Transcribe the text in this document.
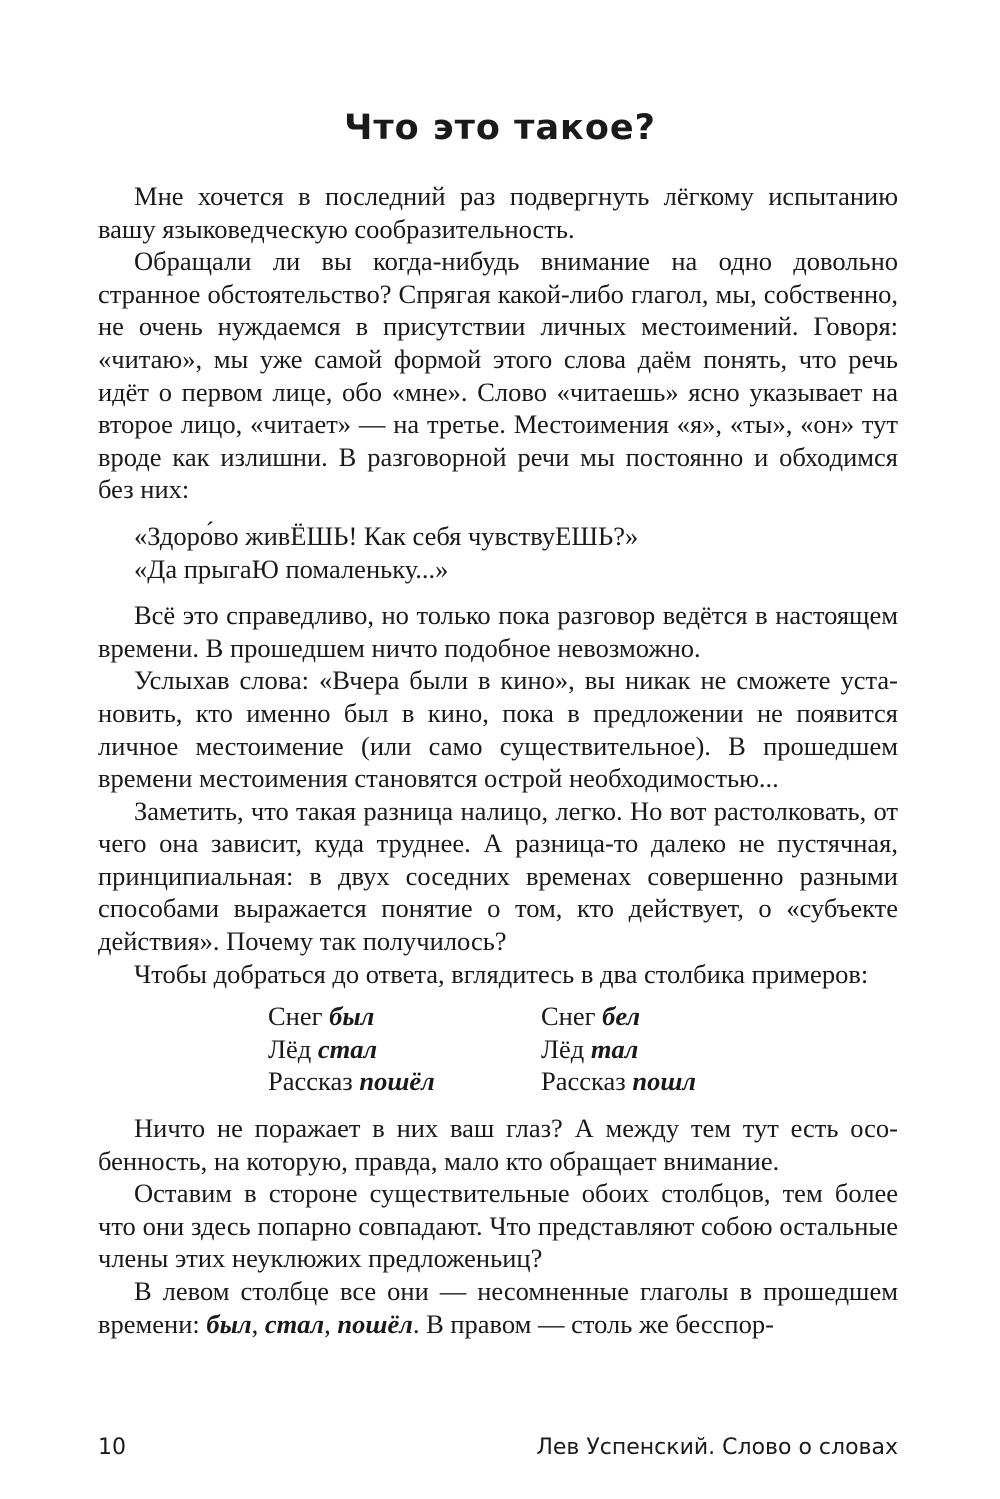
Что это такое?

Мне хочется в последний раз подвергнуть лёгкому испытанию вашу языковедческую сообразительность.

Обращали ли вы когда-нибудь внимание на одно довольно странное обстоятельство? Спрягая какой-либо глагол, мы, собственно, не очень нуждаемся в присутствии личных местоимений. Говоря: «читаю», мы уже самой формой этого слова даём понять, что речь идёт о первом лице, обо «мне». Слово «читаешь» ясно указывает на второе лицо, «читает» — на третье. Местоимения «я», «ты», «он» тут вроде как излишни. В разговорной речи мы постоянно и обходимся без них:

«Здоро́во живЁШЬ! Как себя чувствуЕШЬ?»
«Да прыгаЮ помаленьку...»

Всё это справедливо, но только пока разговор ведётся в настоящем времени. В прошедшем ничто подобное невозможно.

Услыхав слова: «Вчера были в кино», вы никак не сможете установить, кто именно был в кино, пока в предложении не появится личное местоимение (или само существительное). В прошедшем времени местоимения становятся острой необходимостью...

Заметить, что такая разница налицо, легко. Но вот растолковать, от чего она зависит, куда труднее. А разница-то далеко не пустячная, принципиальная: в двух соседних временах совершенно разными способами выражается понятие о том, кто действует, о «субъекте действия». Почему так получилось?

Чтобы добраться до ответа, вглядитесь в два столбика примеров:

Снег был	Снег бел
Лёд стал	Лёд тал
Рассказ пошёл	Рассказ пошл

Ничто не поражает в них ваш глаз? А между тем тут есть особенность, на которую, правда, мало кто обращает внимание.

Оставим в стороне существительные обоих столбцов, тем более что они здесь попарно совпадают. Что представляют собою остальные члены этих неуклюжих предложеньиц?

В левом столбце все они — несомненные глаголы в прошедшем времени: был, стал, пошёл. В правом — столь же бесспор-

10	Лев Успенский. Слово о словах
